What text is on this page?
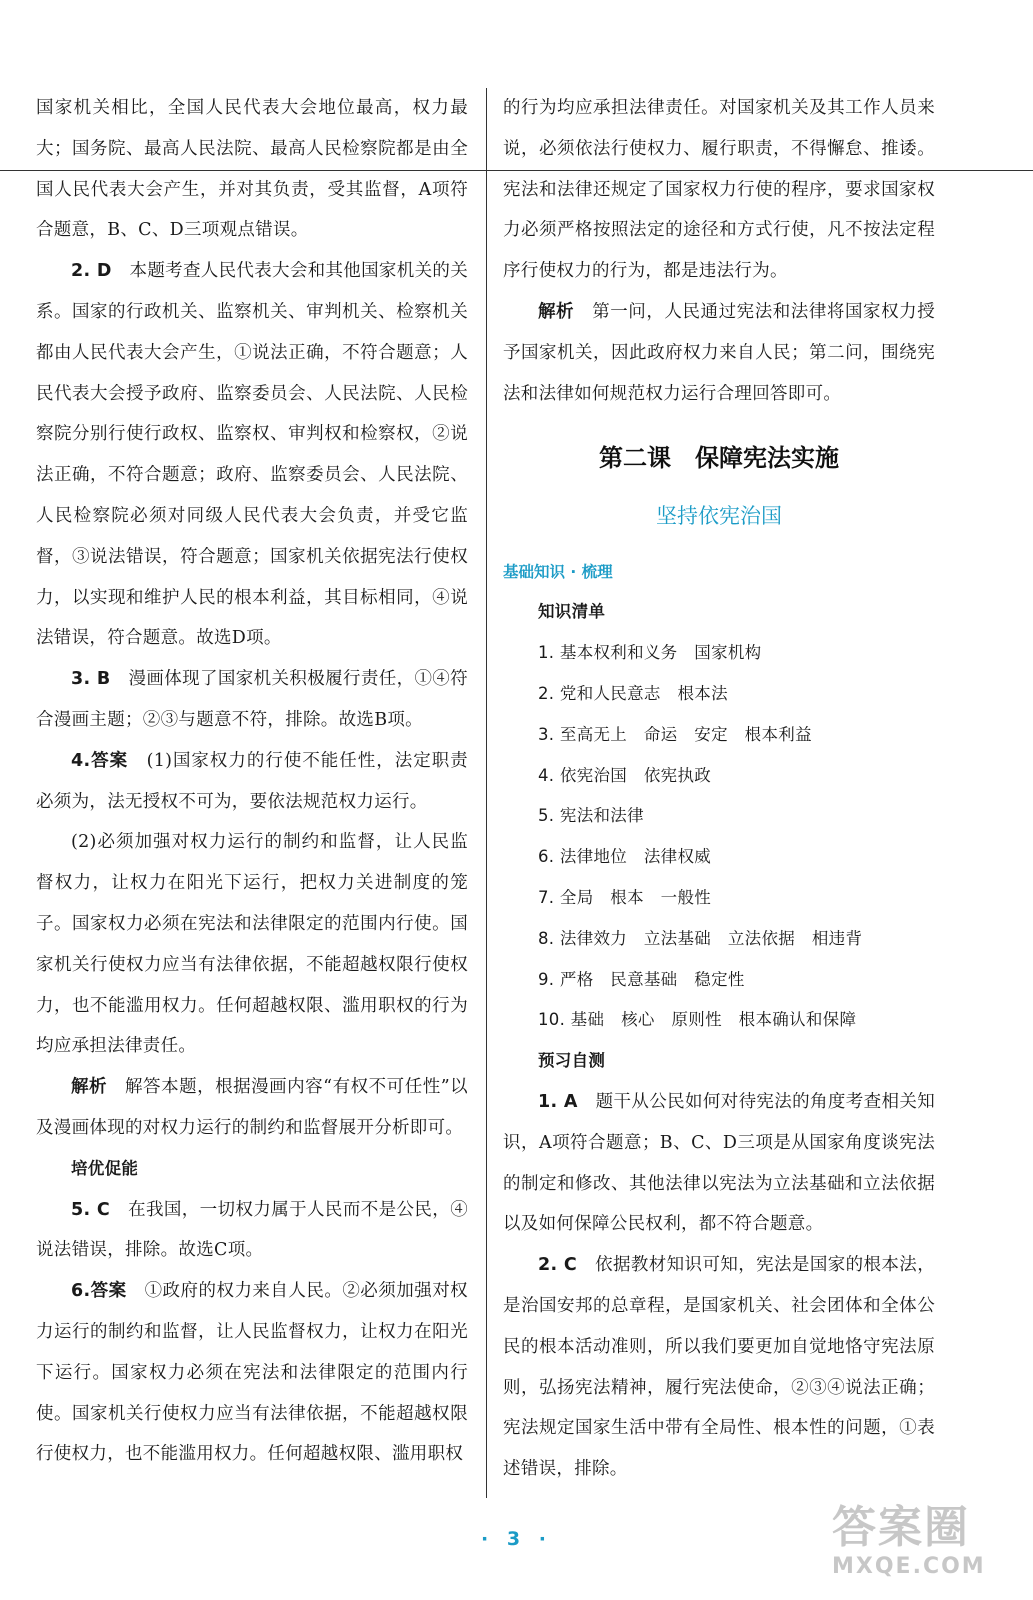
国家机关相比，全国人民代表大会地位最高，权力最大；国务院、最高人民法院、最高人民检察院都是由全国人民代表大会产生，并对其负责，受其监督，A项符合题意，B、C、D三项观点错误。

2. D　 本题考查人民代表大会和其他国家机关的关系。国家的行政机关、监察机关、审判机关、检察机关都由人民代表大会产生，①说法正确，不符合题意；人民代表大会授予政府、监察委员会、人民法院、人民检察院分别行使行政权、监察权、审判权和检察权，②说法正确，不符合题意；政府、监察委员会、人民法院、人民检察院必须对同级人民代表大会负责，并受它监督，③说法错误，符合题意；国家机关依据宪法行使权力，以实现和维护人民的根本利益，其目标相同，④说法错误，符合题意。故选D项。

3. B　 漫画体现了国家机关积极履行责任，①④符合漫画主题；②③与题意不符，排除。故选B项。

4.答案　 (1)国家权力的行使不能任性，法定职责必须为，法无授权不可为，要依法规范权力运行。

(2)必须加强对权力运行的制约和监督，让人民监督权力，让权力在阳光下运行，把权力关进制度的笼子。国家权力必须在宪法和法律限定的范围内行使。国家机关行使权力应当有法律依据，不能超越权限行使权力，也不能滥用权力。任何超越权限、滥用职权的行为均应承担法律责任。

解析　 解答本题，根据漫画内容“有权不可任性”以及漫画体现的对权力运行的制约和监督展开分析即可。

培优促能

5. C　 在我国，一切权力属于人民而不是公民，④说法错误，排除。故选C项。

6.答案　 ①政府的权力来自人民。②必须加强对权力运行的制约和监督，让人民监督权力，让权力在阳光下运行。国家权力必须在宪法和法律限定的范围内行使。国家机关行使权力应当有法律依据，不能超越权限行使权力，也不能滥用权力。任何超越权限、滥用职权

的行为均应承担法律责任。对国家机关及其工作人员来说，必须依法行使权力、履行职责，不得懈怠、推诿。宪法和法律还规定了国家权力行使的程序，要求国家权力必须严格按照法定的途径和方式行使，凡不按法定程序行使权力的行为，都是违法行为。

解析　 第一问，人民通过宪法和法律将国家权力授予国家机关，因此政府权力来自人民；第二问，围绕宪法和法律如何规范权力运行合理回答即可。

第二课　保障宪法实施
坚持依宪治国
基础知识 · 梳理

知识清单

1. 基本权利和义务　国家机构

2. 党和人民意志　根本法

3. 至高无上　命运　安定　根本利益

4. 依宪治国　依宪执政

5. 宪法和法律

6. 法律地位　法律权威

7. 全局　根本　一般性

8. 法律效力　立法基础　立法依据　相违背

9. 严格　民意基础　稳定性

10. 基础　核心　原则性　根本确认和保障

预习自测

1. A　 题干从公民如何对待宪法的角度考查相关知识，A项符合题意；B、C、D三项是从国家角度谈宪法的制定和修改、其他法律以宪法为立法基础和立法依据以及如何保障公民权利，都不符合题意。

2. C　 依据教材知识可知，宪法是国家的根本法，是治国安邦的总章程，是国家机关、社会团体和全体公民的根本活动准则，所以我们要更加自觉地恪守宪法原则，弘扬宪法精神，履行宪法使命，②③④说法正确；宪法规定国家生活中带有全局性、根本性的问题，①表述错误，排除。

· 3 ·	答案圈
MXQE.COM
